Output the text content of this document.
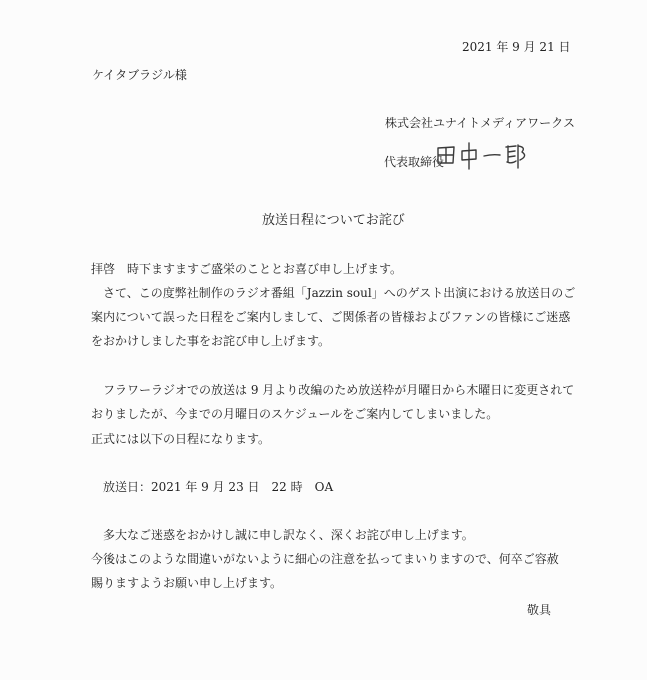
2021 年 9 月 21 日
ケイタブラジル様
株式会社ユナイトメディアワークス
代表取締役
放送日程についてお詫び
拝啓　時下ますますご盛栄のこととお喜び申し上げます。
　さて、この度弊社制作のラジオ番組「Jazzin soul」へのゲスト出演における放送日のご
案内について誤った日程をご案内しまして、ご関係者の皆様およびファンの皆様にご迷惑
をおかけしました事をお詫び申し上げます。
　フラワーラジオでの放送は 9 月より改編のため放送枠が月曜日から木曜日に変更されて
おりましたが、今までの月曜日のスケジュールをご案内してしまいました。
正式には以下の日程になります。
　放送日：2021 年 9 月 23 日　22 時　OA
　多大なご迷惑をおかけし誠に申し訳なく、深くお詫び申し上げます。
今後はこのような間違いがないように細心の注意を払ってまいりますので、何卒ご容赦
賜りますようお願い申し上げます。
敬具
